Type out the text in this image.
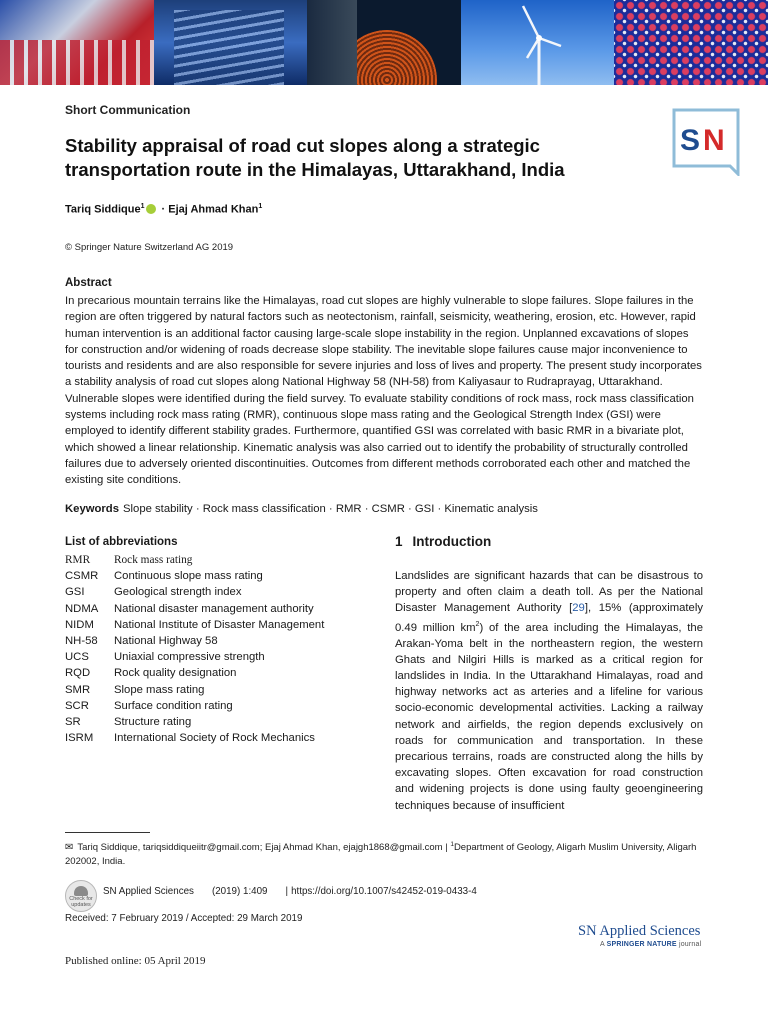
Short Communication
Stability appraisal of road cut slopes along a strategic transportation route in the Himalayas, Uttarakhand, India
S N
Tariq Siddique$^1$ · Ejaj Ahmad Khan$^1$
© Springer Nature Switzerland AG 2019
Abstract
In precarious mountain terrains like the Himalayas, road cut slopes are highly vulnerable to slope failures. Slope failures in the region are often triggered by natural factors such as neotectonism, rainfall, seismicity, weathering, erosion, etc. However, rapid human intervention is an additional factor causing large-scale slope instability in the region. Unplanned excavations of slopes for construction and/or widening of roads decrease slope stability. The inevitable slope failures cause major inconvenience to tourists and residents and are also responsible for severe injuries and loss of lives and property. The present study incorporates a stability analysis of road cut slopes along National Highway 58 (NH-58) from Kaliyasaur to Rudraprayag, Uttarakhand. Vulnerable slopes were identified during the field survey. To evaluate stability conditions of rock mass, rock mass classification systems including rock mass rating (RMR), continuous slope mass rating and the Geological Strength Index (GSI) were employed to identify different stability grades. Furthermore, quantified GSI was correlated with basic RMR in a bivariate plot, which showed a linear relationship. Kinematic analysis was also carried out to identify the probability of structurally controlled failures due to adversely oriented discontinuities. Outcomes from different methods corroborated each other and matched the existing site conditions.
Keywords Slope stability · Rock mass classification · RMR · CSMR · GSI · Kinematic analysis
List of abbreviations
RMR	Rock mass rating
CSMR	Continuous slope mass rating
GSI	Geological strength index
NDMA	National disaster management authority
NIDM	National Institute of Disaster Management
NH-58	National Highway 58
UCS	Uniaxial compressive strength
RQD	Rock quality designation
SMR	Slope mass rating
SCR	Surface condition rating
SR	Structure rating
ISRM	International Society of Rock Mechanics
1 Introduction
Landslides are significant hazards that can be disastrous to property and often claim a death toll. As per the National Disaster Management Authority [29], 15% (approximately 0.49 million $km^2$) of the area including the Himalayas, the Arakan-Yoma belt in the northeastern region, the western Ghats and Nilgiri Hills is marked as a critical region for landslides in India. In the Uttarakhand Himalayas, road and highway networks act as arteries and a lifeline for various socio-economic developmental activities. Lacking a railway network and airfields, the region depends exclusively on roads for communication and transportation. In these precarious terrains, roads are constructed along the hills by excavating slopes. Often excavation for road construction and widening projects is done using faulty geoengineering techniques because of insufficient
✉ Tariq Siddique, tariqsiddiqueiitr@gmail.com; Ejaj Ahmad Khan, ejajgh1868@gmail.com | $^1$Department of Geology, Aligarh Muslim University, Aligarh 202002, India.
Check for updates
SN Applied Sciences (2019) 1:409 | https://doi.org/10.1007/s42452-019-0433-4
Received: 7 February 2019 / Accepted: 29 March 2019
SN Applied Sciences
A SPRINGER NATURE journal
Published online: 05 April 2019
